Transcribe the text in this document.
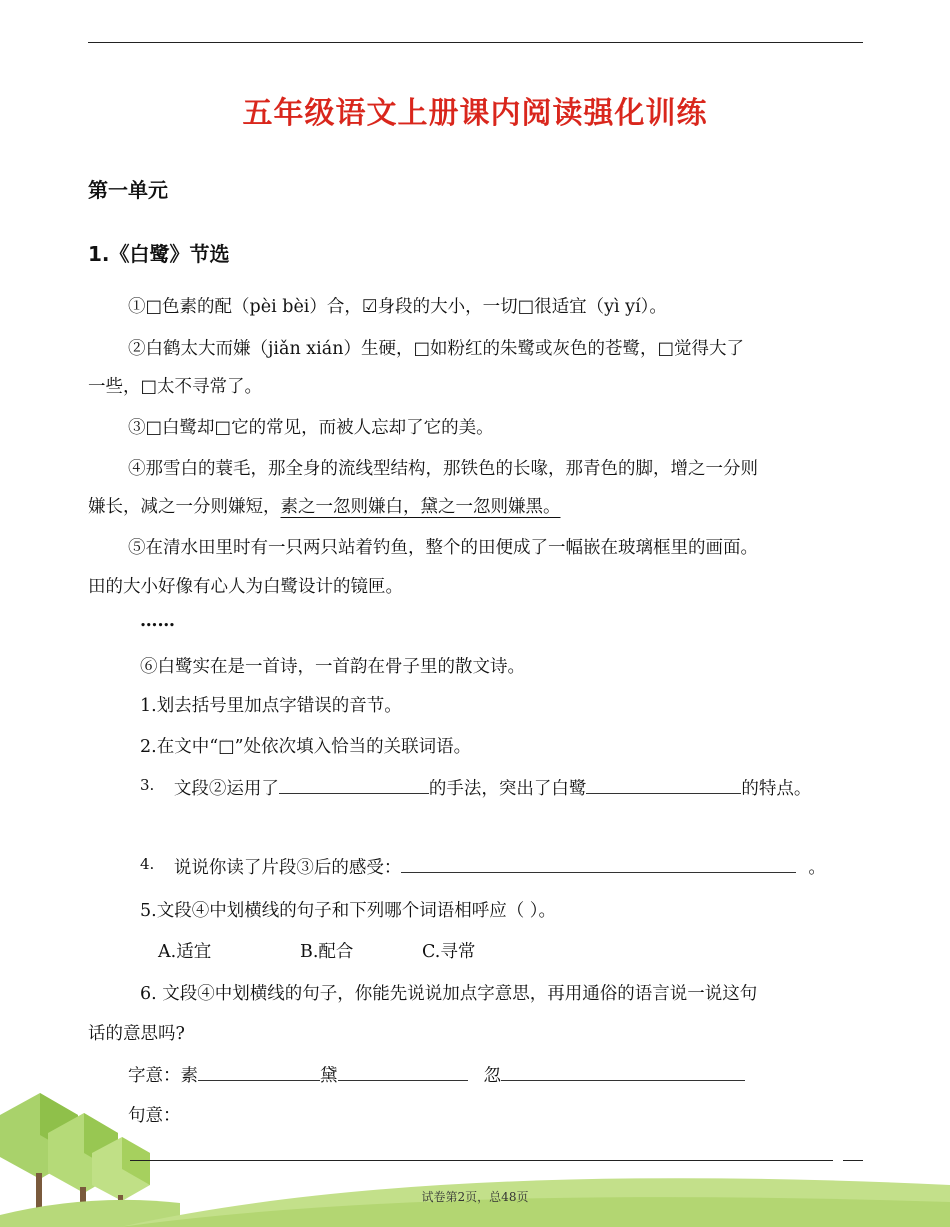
五年级语文上册课内阅读强化训练
第一单元
1.《白鹭》节选
①□色素的配（pèi bèi）合，☑身段的大小，一切□很适宜（yì yí）。
②白鹤太大而嫌（jiǎn xián）生硬，□如粉红的朱鹭或灰色的苍鹭，□觉得大了
一些，□太不寻常了。
③□白鹭却□它的常见，而被人忘却了它的美。
④那雪白的蓑毛，那全身的流线型结构，那铁色的长喙，那青色的脚，增之一分则
嫌长，减之一分则嫌短，素之一忽则嫌白，黛之一忽则嫌黑。
⑤在清水田里时有一只两只站着钓鱼，整个的田便成了一幅嵌在玻璃框里的画面。
田的大小好像有心人为白鹭设计的镜匣。
……
⑥白鹭实在是一首诗，一首韵在骨子里的散文诗。
1.划去括号里加点字错误的音节。
2.在文中“□”处依次填入恰当的关联词语。
3. 文段②运用了	的手法，突出了白鹭	的特点。
4. 说说你读了片段③后的感受：	。
5.文段④中划横线的句子和下列哪个词语相呼应（ ）。
A.适宜	B.配合	C.寻常
6. 文段④中划横线的句子，你能先说说加点字意思，再用通俗的语言说一说这句
话的意思吗?
字意：素	黛	忽
句意：
试卷第2页，总48页
